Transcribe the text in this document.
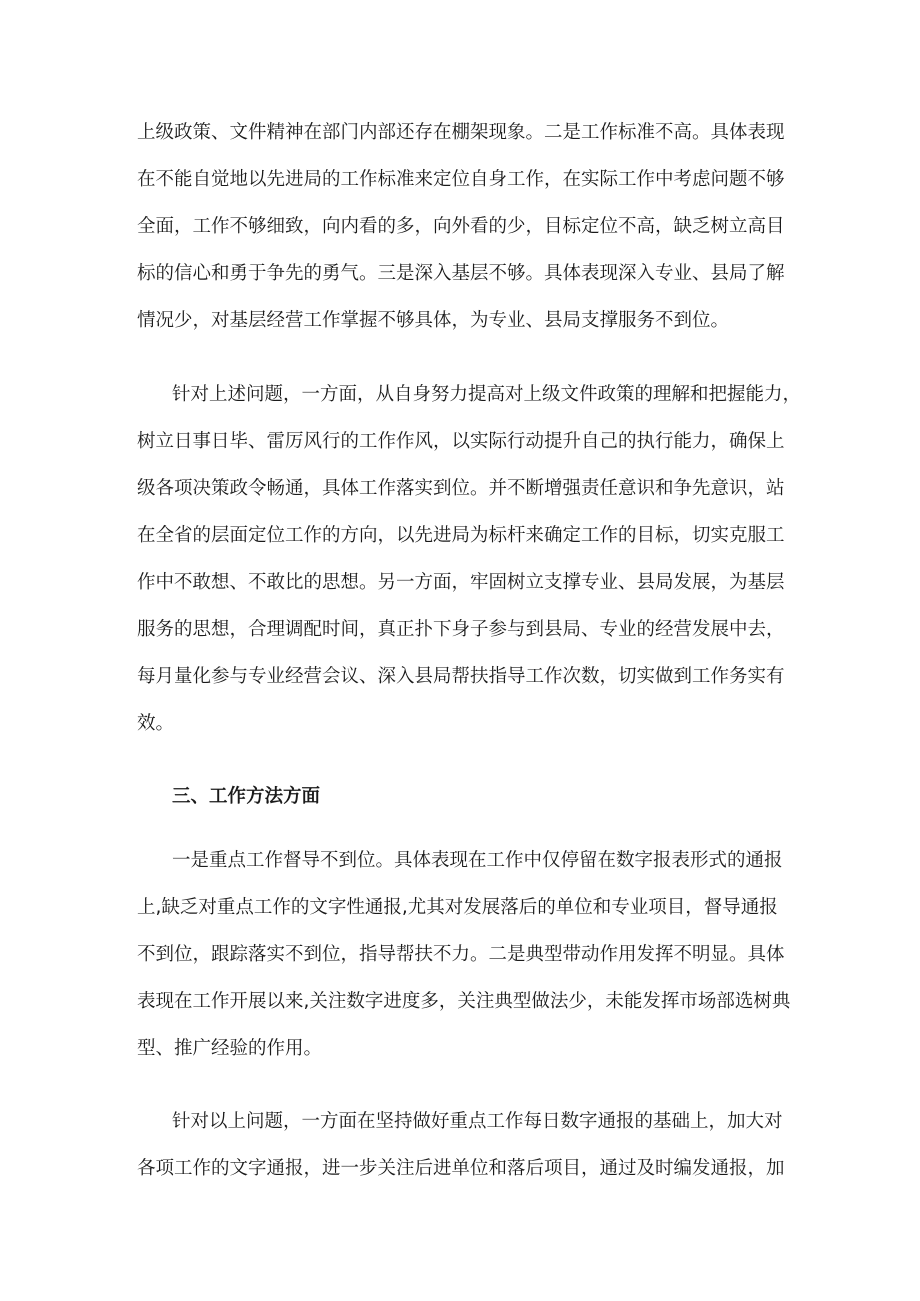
上级政策、文件精神在部门内部还存在棚架现象。二是工作标准不高。具体表现
在不能自觉地以先进局的工作标准来定位自身工作，在实际工作中考虑问题不够
全面，工作不够细致，向内看的多，向外看的少，目标定位不高，缺乏树立高目
标的信心和勇于争先的勇气。三是深入基层不够。具体表现深入专业、县局了解
情况少，对基层经营工作掌握不够具体，为专业、县局支撑服务不到位。
针对上述问题，一方面，从自身努力提高对上级文件政策的理解和把握能力，
树立日事日毕、雷厉风行的工作作风，以实际行动提升自己的执行能力，确保上
级各项决策政令畅通，具体工作落实到位。并不断增强责任意识和争先意识，站
在全省的层面定位工作的方向，以先进局为标杆来确定工作的目标，切实克服工
作中不敢想、不敢比的思想。另一方面，牢固树立支撑专业、县局发展，为基层
服务的思想，合理调配时间，真正扑下身子参与到县局、专业的经营发展中去，
每月量化参与专业经营会议、深入县局帮扶指导工作次数，切实做到工作务实有
效。
三、工作方法方面
一是重点工作督导不到位。具体表现在工作中仅停留在数字报表形式的通报
上,缺乏对重点工作的文字性通报,尤其对发展落后的单位和专业项目，督导通报
不到位，跟踪落实不到位，指导帮扶不力。二是典型带动作用发挥不明显。具体
表现在工作开展以来,关注数字进度多，关注典型做法少，未能发挥市场部选树典
型、推广经验的作用。
针对以上问题，一方面在坚持做好重点工作每日数字通报的基础上，加大对
各项工作的文字通报，进一步关注后进单位和落后项目，通过及时编发通报，加
